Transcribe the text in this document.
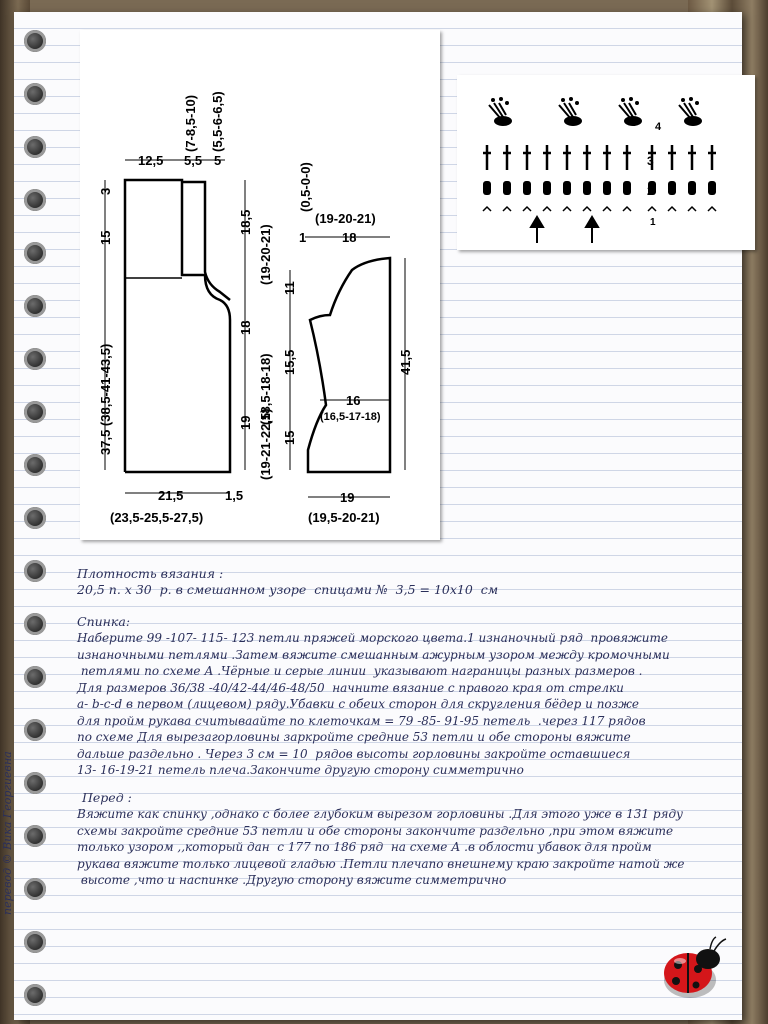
12,5 5,5 5
(7-8,5-10) (5,5-6-6,5)
3
15
37,5 (38,5-41-43,5)
18,5
(19-20-21)
18
(18,5-18-18)
19 (19-21-22,5)
21,5	1,5
(23,5-25,5-27,5)
(0,5-0-0)
(19-20-21)
1	18
11
15,5
15
16
(16,5-17-18)
41,5
19
(19,5-20-21)
3
2
1
4
Плотность вязания :
20,5 п. х 30  р. в смешанном узоре  спицами №  3,5 = 10х10  см
Спинка:
Наберите 99 -107- 115- 123 петли пряжей морского цвета.1 изнаночный ряд  провяжите
изнаночными петлями .Затем вяжите смешанным ажурным узором между кромочными
петлями по схеме А .Чёрные и серые линии  указывают награницы разных размеров .
Для размеров 36/38 -40/42-44/46-48/50  начните вязание с правого края от стрелки
а- b-c-d в первом (лицевом) ряду.Убавки с обеих сторон для скругления бёдер и позже
для пройм рукава считываайте по клеточкам = 79 -85- 91-95 петель  .через 117 рядов
по схеме Для вырезагорловины заркройте средние 53 петли и обе стороны вяжите
дальше раздельно . Через 3 см = 10  рядов высоты горловины закройте оставшиеся
13- 16-19-21 петель плеча.Закончите другую сторону симметрично
Перед :
Вяжите как спинку ,однако с более глубоким вырезом горловины .Для этого уже в 131 ряду
схемы закройте средние 53 петли и обе стороны закончите раздельно ,при этом вяжите
только узором ,,который дан  с 177 по 186 ряд  на схеме А .в облости убавок для пройм
рукава вяжите только лицевой гладью .Петли плечапо внешнему краю закройте натой же
высоте ,что и наспинке .Другую сторону вяжите симметрично
перевод © Вика Георгиевна
